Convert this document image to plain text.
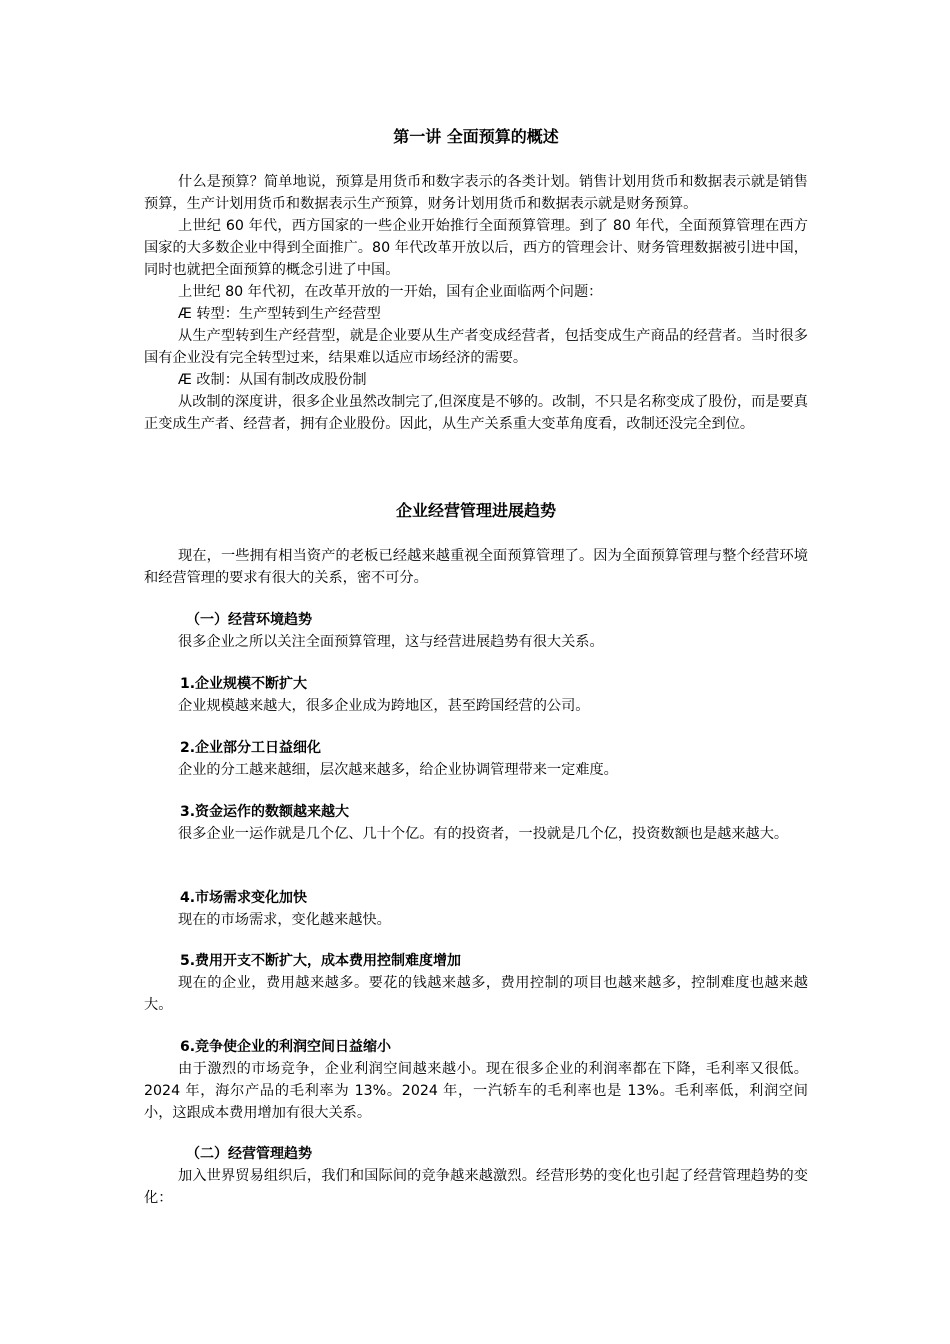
第一讲 全面预算的概述

什么是预算？简单地说，预算是用货币和数字表示的各类计划。销售计划用货币和数据表示就是销售预算，生产计划用货币和数据表示生产预算，财务计划用货币和数据表示就是财务预算。

上世纪 60 年代，西方国家的一些企业开始推行全面预算管理。到了 80 年代，全面预算管理在西方国家的大多数企业中得到全面推广。80 年代改革开放以后，西方的管理会计、财务管理数据被引进中国，同时也就把全面预算的概念引进了中国。

上世纪 80 年代初，在改革开放的一开始，国有企业面临两个问题：

Æ 转型：生产型转到生产经营型

从生产型转到生产经营型，就是企业要从生产者变成经营者，包括变成生产商品的经营者。当时很多国有企业没有完全转型过来，结果难以适应市场经济的需要。

Æ 改制：从国有制改成股份制

从改制的深度讲，很多企业虽然改制完了,但深度是不够的。改制，不只是名称变成了股份，而是要真正变成生产者、经营者，拥有企业股份。因此，从生产关系重大变革角度看，改制还没完全到位。

企业经营管理进展趋势

现在，一些拥有相当资产的老板已经越来越重视全面预算管理了。因为全面预算管理与整个经营环境和经营管理的要求有很大的关系，密不可分。

（一）经营环境趋势

很多企业之所以关注全面预算管理，这与经营进展趋势有很大关系。

1.企业规模不断扩大

企业规模越来越大，很多企业成为跨地区，甚至跨国经营的公司。

2.企业部分工日益细化

企业的分工越来越细，层次越来越多，给企业协调管理带来一定难度。

3.资金运作的数额越来越大

很多企业一运作就是几个亿、几十个亿。有的投资者，一投就是几个亿，投资数额也是越来越大。

4.市场需求变化加快

现在的市场需求，变化越来越快。

5.费用开支不断扩大，成本费用控制难度增加

现在的企业，费用越来越多。要花的钱越来越多，费用控制的项目也越来越多，控制难度也越来越大。

6.竞争使企业的利润空间日益缩小

由于激烈的市场竞争，企业利润空间越来越小。现在很多企业的利润率都在下降，毛利率又很低。2024 年，海尔产品的毛利率为 13%。2024 年，一汽轿车的毛利率也是 13%。毛利率低，利润空间小，这跟成本费用增加有很大关系。

（二）经营管理趋势

加入世界贸易组织后，我们和国际间的竞争越来越激烈。经营形势的变化也引起了经营管理趋势的变化：
